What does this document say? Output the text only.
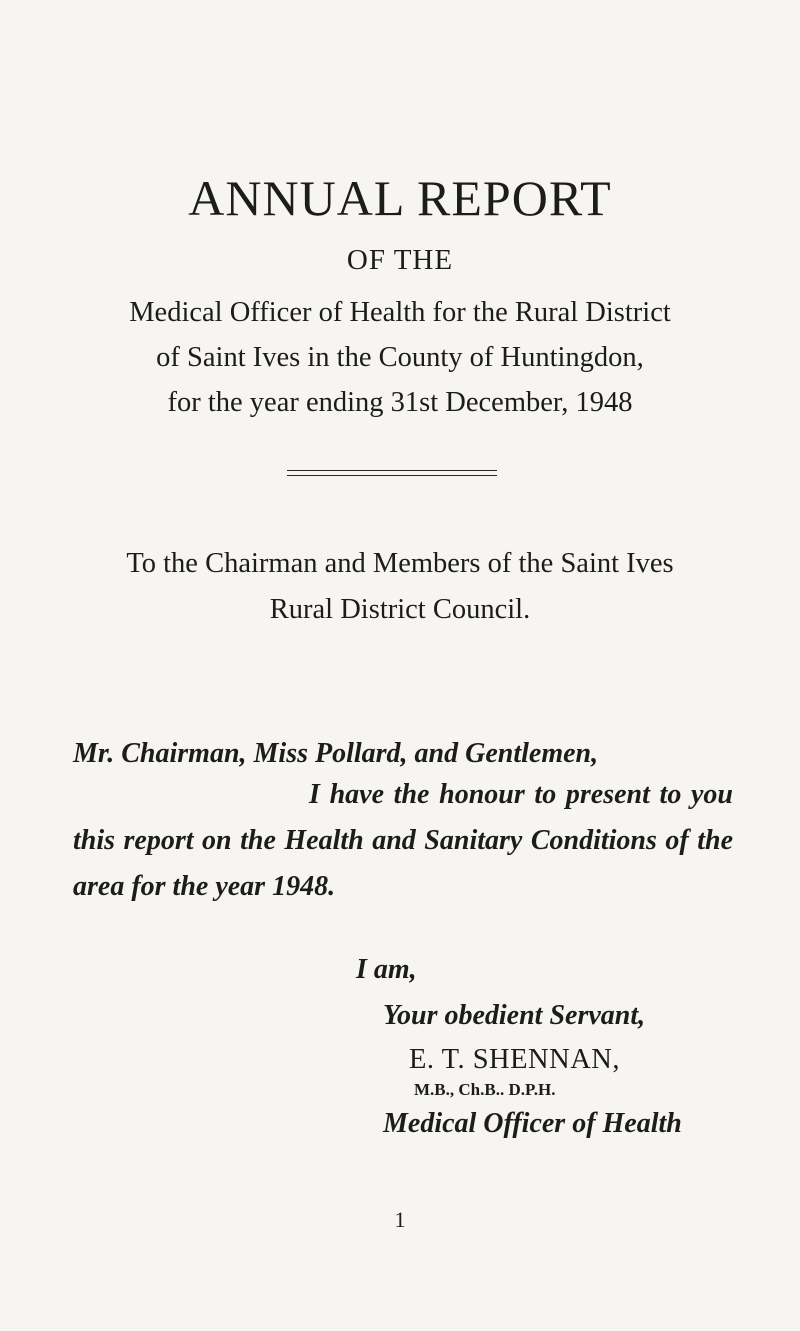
ANNUAL REPORT
OF THE
Medical Officer of Health for the Rural District
of Saint Ives in the County of Huntingdon,
for the year ending 31st December, 1948
To the Chairman and Members of the Saint Ives
Rural District Council.
Mr. Chairman, Miss Pollard, and Gentlemen,
I have the honour to present to you this report on the Health and Sanitary Conditions of the area for the year 1948.
I am,
Your obedient Servant,
E. T. SHENNAN,
M.B., Ch.B.. D.P.H.
Medical Officer of Health
1
